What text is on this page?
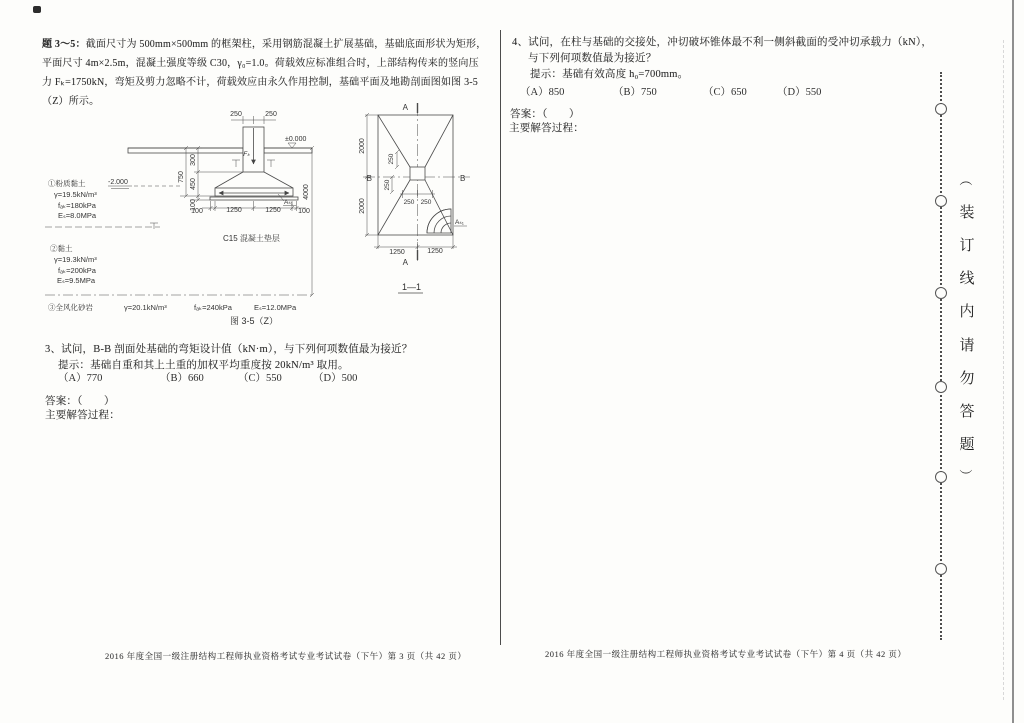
题 3～5：截面尺寸为 500mm×500mm 的框架柱，采用钢筋混凝土扩展基础，基础底面形状为矩形，
平面尺寸 4m×2.5m，混凝土强度等级 C30，γ₀=1.0。荷载效应标准组合时，上部结构传来的竖向压
力 Fₖ=1750kN，弯矩及剪力忽略不计，荷载效应由永久作用控制，基础平面及地勘剖面图如图 3-5
（Z）所示。
250	250
Fₖ
±0.000
Aₛ₁
750
300
450
100
-2.000
4000
100	1250	1250 100
C15 混凝土垫层
①粉质黏土
γ=19.5kN/m³
fₐₖ=180kPa
Eₛ=8.0MPa
②黏土
γ=19.3kN/m³
fₐₖ=200kPa
Eₛ=9.5MPa
③全风化砂岩	γ=20.1kN/m³	fₐₖ=240kPa	Eₛ=12.0MPa
图 3-5（Z）
A
A
B	B
2000
2000
250
250
250 250
Aₛ₁
1250	1250
1—1
3、试问，B-B 剖面处基础的弯矩设计值（kN·m），与下列何项数值最为接近？
提示：基础自重和其上土重的加权平均重度按 20kN/m³ 取用。
（A）770	（B）660	（C）550	（D）500
答案：（　　）
主要解答过程：
2016 年度全国一级注册结构工程师执业资格考试专业考试试卷（下午）第 3 页（共 42 页）
4、试问，在柱与基础的交接处，冲切破坏锥体最不利一侧斜截面的受冲切承载力（kN），
与下列何项数值最为接近？
提示：基础有效高度 h₀=700mm。
（A）850	（B）750	（C）650	（D）550
答案：（　　）
主要解答过程：
2016 年度全国一级注册结构工程师执业资格考试专业考试试卷（下午）第 4 页（共 42 页）
（
装
订
线
内
请
勿
答
题
）
